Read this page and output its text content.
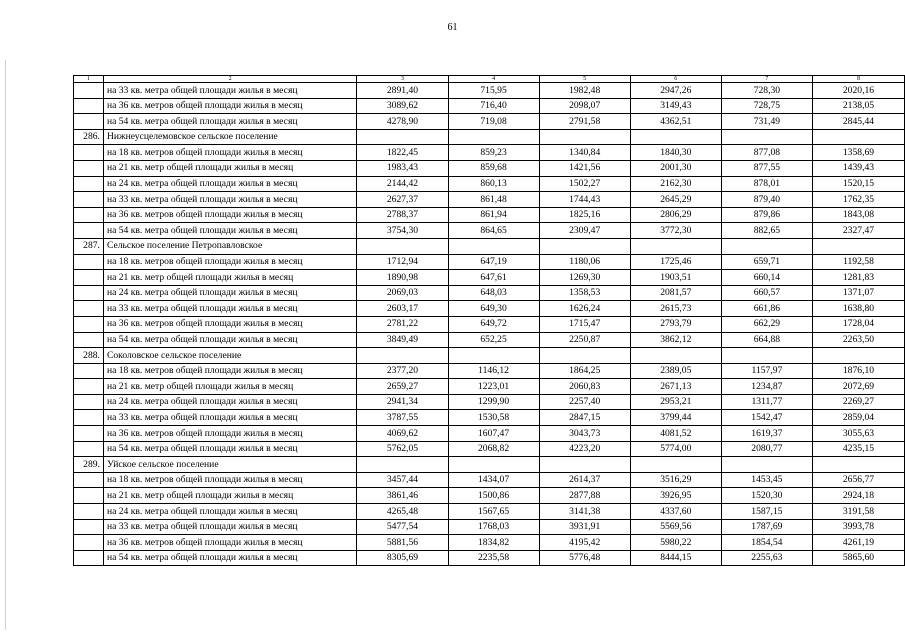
61
1	2	3	4	5	6	7	8
	на 33 кв. метра общей площади жилья в месяц	2891,40	715,95	1982,48	2947,26	728,30	2020,16
	на 36 кв. метров общей площади жилья в месяц	3089,62	716,40	2098,07	3149,43	728,75	2138,05
	на 54 кв. метра общей площади жилья в месяц	4278,90	719,08	2791,58	4362,51	731,49	2845,44
286.	Нижнеусцелемовское сельское поселение						
	на 18 кв. метров общей площади жилья в месяц	1822,45	859,23	1340,84	1840,30	877,08	1358,69
	на 21 кв. метр общей площади жилья в месяц	1983,43	859,68	1421,56	2001,30	877,55	1439,43
	на 24 кв. метра общей площади жилья в месяц	2144,42	860,13	1502,27	2162,30	878,01	1520,15
	на 33 кв. метра общей площади жилья в месяц	2627,37	861,48	1744,43	2645,29	879,40	1762,35
	на 36 кв. метров общей площади жилья в месяц	2788,37	861,94	1825,16	2806,29	879,86	1843,08
	на 54 кв. метра общей площади жилья в месяц	3754,30	864,65	2309,47	3772,30	882,65	2327,47
287.	Сельское поселение Петропавловское						
	на 18 кв. метров общей площади жилья в месяц	1712,94	647,19	1180,06	1725,46	659,71	1192,58
	на 21 кв. метр общей площади жилья в месяц	1890,98	647,61	1269,30	1903,51	660,14	1281,83
	на 24 кв. метра общей площади жилья в месяц	2069,03	648,03	1358,53	2081,57	660,57	1371,07
	на 33 кв. метра общей площади жилья в месяц	2603,17	649,30	1626,24	2615,73	661,86	1638,80
	на 36 кв. метров общей площади жилья в месяц	2781,22	649,72	1715,47	2793,79	662,29	1728,04
	на 54 кв. метра общей площади жилья в месяц	3849,49	652,25	2250,87	3862,12	664,88	2263,50
288.	Соколовское сельское поселение						
	на 18 кв. метров общей площади жилья в месяц	2377,20	1146,12	1864,25	2389,05	1157,97	1876,10
	на 21 кв. метр общей площади жилья в месяц	2659,27	1223,01	2060,83	2671,13	1234,87	2072,69
	на 24 кв. метра общей площади жилья в месяц	2941,34	1299,90	2257,40	2953,21	1311,77	2269,27
	на 33 кв. метра общей площади жилья в месяц	3787,55	1530,58	2847,15	3799,44	1542,47	2859,04
	на 36 кв. метров общей площади жилья в месяц	4069,62	1607,47	3043,73	4081,52	1619,37	3055,63
	на 54 кв. метра общей площади жилья в месяц	5762,05	2068,82	4223,20	5774,00	2080,77	4235,15
289.	Уйское сельское поселение						
	на 18 кв. метров общей площади жилья в месяц	3457,44	1434,07	2614,37	3516,29	1453,45	2656,77
	на 21 кв. метр общей площади жилья в месяц	3861,46	1500,86	2877,88	3926,95	1520,30	2924,18
	на 24 кв. метра общей площади жилья в месяц	4265,48	1567,65	3141,38	4337,60	1587,15	3191,58
	на 33 кв. метра общей площади жилья в месяц	5477,54	1768,03	3931,91	5569,56	1787,69	3993,78
	на 36 кв. метров общей площади жилья в месяц	5881,56	1834,82	4195,42	5980,22	1854,54	4261,19
	на 54 кв. метра общей площади жилья в месяц	8305,69	2235,58	5776,48	8444,15	2255,63	5865,60
